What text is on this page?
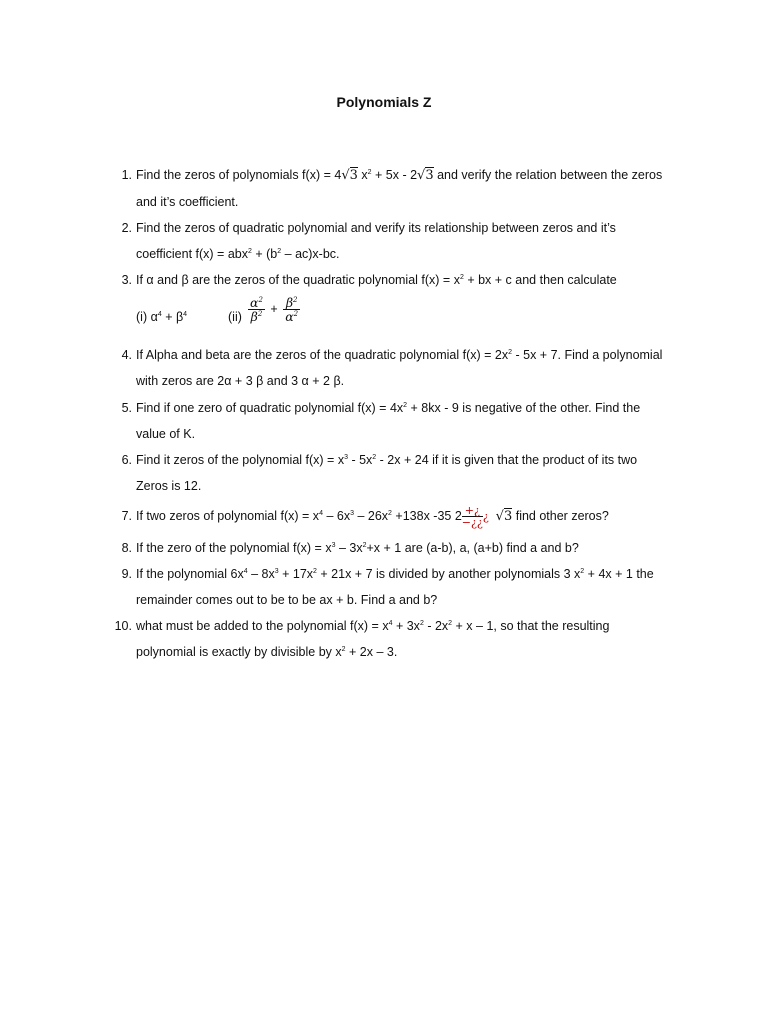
Polynomials Z
1. Find the zeros of polynomials f(x) = 4√3 $x^2 + 5x - 2√3$ and verify the relation between the zeros
and it’s coefficient.
2. Find the zeros of quadratic polynomial and verify its relationship between zeros and it’s
coefficient $f(x) = abx^2 + (b^2 - ac)x-bc$.
3. If α and β are the zeros of the quadratic polynomial $f(x) = x^2$ + bx + c and then calculate
(i) $\alpha^4 + \beta^4$	$(ii) \frac{\alpha^2}{\beta^2} + \frac{\beta^2}{\alpha^2}$
4. If Alpha and beta are the zeros of the quadratic polynomial $f(x) = 2x^2 - 5x + 7$. Find a polynomial
with zeros are 2α + 3 β and 3 α + 2 β.
5. Find if one zero of quadratic polynomial $f(x) = 4x^2 + 8kx - 9$ is negative of the other. Find the
value of K.
6. Find it zeros of the polynomial $f(x) = x^3 - 5x^2 - 2x + 24$ if it is given that the product of its two
Zeros is 12.
7. If two zeros of polynomial $f(x) = x^4 - 6x^3 - 26x^2 +138x$ -35 2 +¿
−¿¿¿ √3 find other zeros?
8. If the zero of the polynomial $f(x) = x^3 - 3x^2+x + 1$ are (a-b), a, (a+b) find a and b?
9. If the polynomial $6x^4 - 8x^3 + 17x^2 + 21x + 7$ is divided by another polynomials 3 $x^2 + 4x + 1$ the
remainder comes out to be to be ax + b. Find a and b?
10. what must be added to the polynomial $f(x) = x^4 + 3x^2 - 2x^2 + x - 1$, so that the resulting
polynomial is exactly by divisible by $x^2 + 2x - 3$.
